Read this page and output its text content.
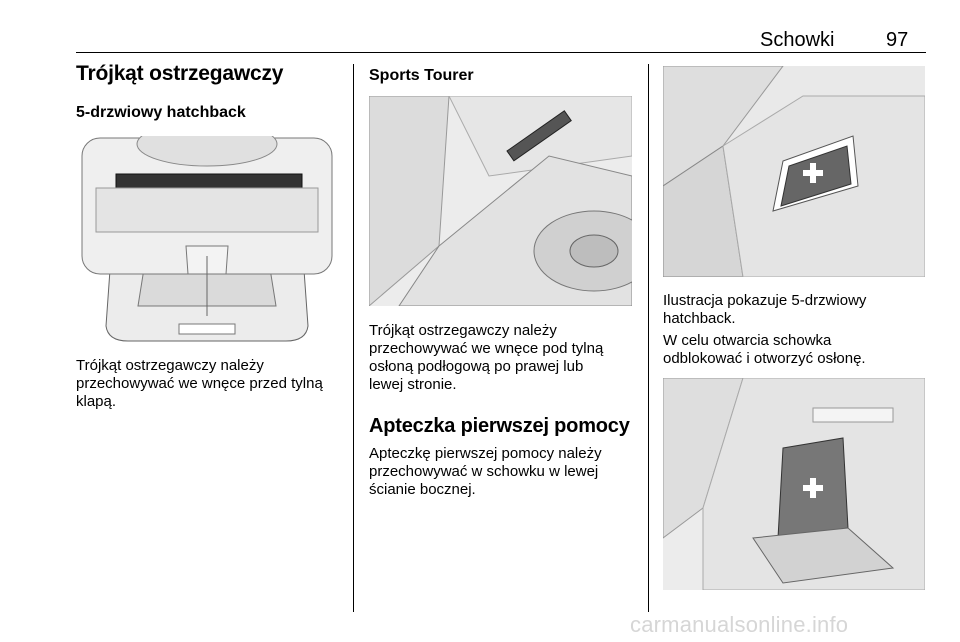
Schowki	97
Trójkąt ostrzegawczy
5-drzwiowy hatchback
Trójkąt ostrzegawczy należy
przechowywać we wnęce przed tylną
klapą.
Sports Tourer
Trójkąt ostrzegawczy należy
przechowywać we wnęce pod tylną
osłoną podłogową po prawej lub
lewej stronie.
Apteczka pierwszej pomocy
Apteczkę pierwszej pomocy należy
przechowywać w schowku w lewej
ścianie bocznej.
Ilustracja pokazuje 5-drzwiowy
hatchback.
W celu otwarcia schowka
odblokować i otworzyć osłonę.
carmanualsonline.info
